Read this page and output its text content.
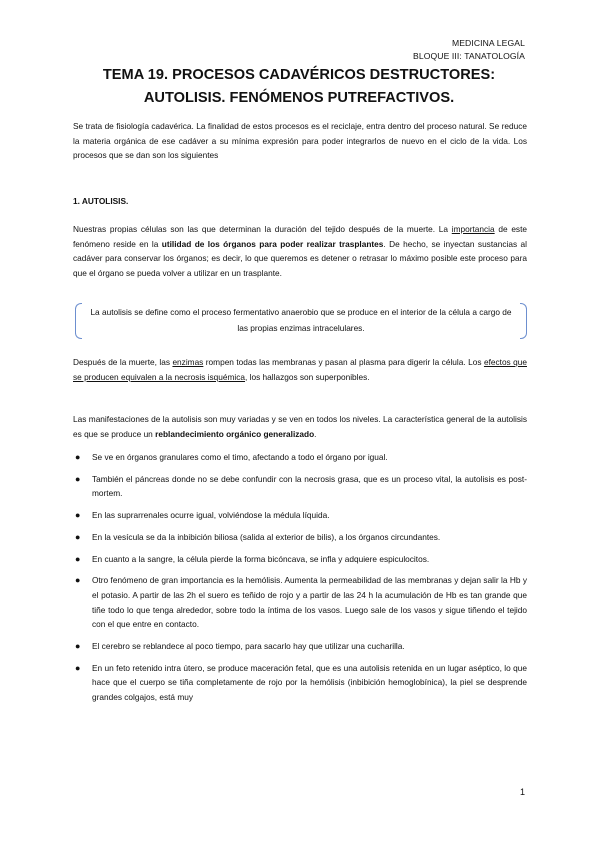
MEDICINA LEGAL
BLOQUE III: TANATOLOGÍA
TEMA 19. PROCESOS CADAVÉRICOS DESTRUCTORES:
AUTOLISIS. FENÓMENOS PUTREFACTIVOS.
Se trata de fisiología cadavérica. La finalidad de estos procesos es el reciclaje, entra dentro del proceso natural. Se reduce la materia orgánica de ese cadáver a su mínima expresión para poder integrarlos de nuevo en el ciclo de la vida. Los procesos que se dan son los siguientes
1. AUTOLISIS.
Nuestras propias células son las que determinan la duración del tejido después de la muerte. La importancia de este fenómeno reside en la utilidad de los órganos para poder realizar trasplantes. De hecho, se inyectan sustancias al cadáver para conservar los órganos; es decir, lo que queremos es detener o retrasar lo máximo posible este proceso para que el órgano se pueda volver a utilizar en un trasplante.
La autolisis se define como el proceso fermentativo anaerobio que se produce en el interior de la célula a cargo de las propias enzimas intracelulares.
Después de la muerte, las enzimas rompen todas las membranas y pasan al plasma para digerir la célula. Los efectos que se producen equivalen a la necrosis isquémica, los hallazgos son superponibles.
Las manifestaciones de la autolisis son muy variadas y se ven en todos los niveles. La característica general de la autolisis es que se produce un reblandecimiento orgánico generalizado.
● Se ve en órganos granulares como el timo, afectando a todo el órgano por igual.
● También el páncreas donde no se debe confundir con la necrosis grasa, que es un proceso vital, la autolisis es post-mortem.
● En las suprarrenales ocurre igual, volviéndose la médula líquida.
● En la vesícula se da la inbibición biliosa (salida al exterior de bilis), a los órganos circundantes.
● En cuanto a la sangre, la célula pierde la forma bicóncava, se infla y adquiere espiculocitos.
● Otro fenómeno de gran importancia es la hemólisis. Aumenta la permeabilidad de las membranas y dejan salir la Hb y el potasio. A partir de las 2h el suero es teñido de rojo y a partir de las 24 h la acumulación de Hb es tan grande que tiñe todo lo que tenga alrededor, sobre todo la íntima de los vasos. Luego sale de los vasos y sigue tiñendo el tejido con el que entre en contacto.
● El cerebro se reblandece al poco tiempo, para sacarlo hay que utilizar una cucharilla.
● En un feto retenido intra útero, se produce maceración fetal, que es una autolisis retenida en un lugar aséptico, lo que hace que el cuerpo se tiña completamente de rojo por la hemólisis (inbibición hemoglobínica), la piel se desprende grandes colgajos, está muy
1
